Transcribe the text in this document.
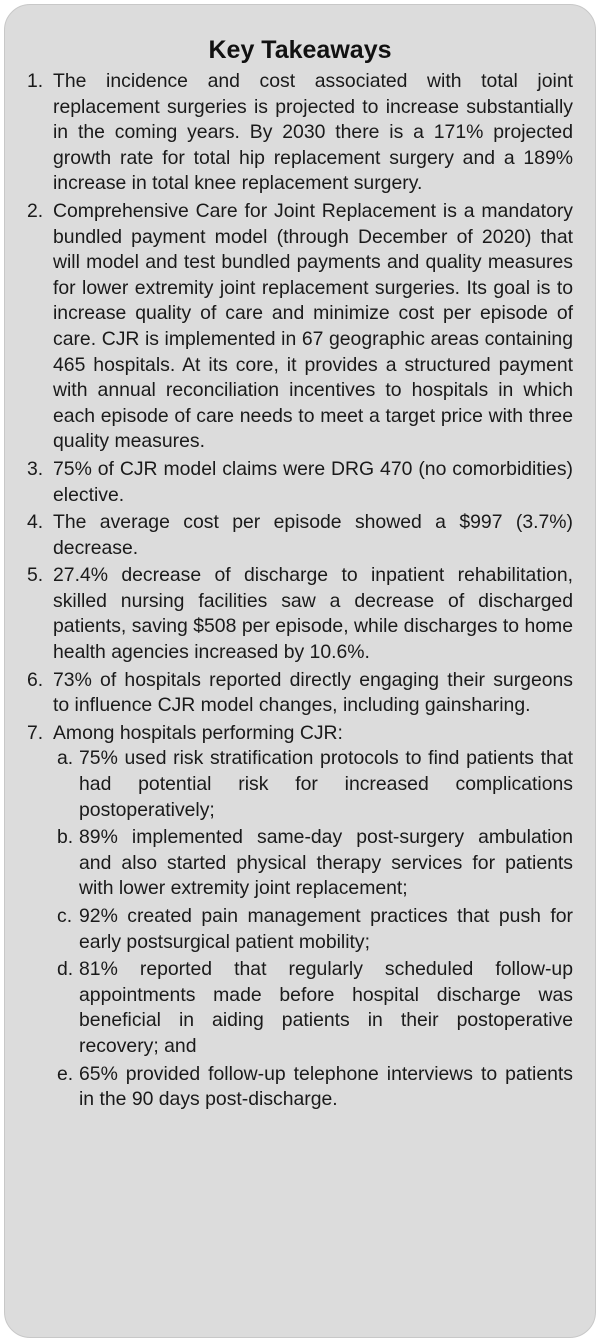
Key Takeaways
1. The incidence and cost associated with total joint replacement surgeries is projected to increase substantially in the coming years. By 2030 there is a 171% projected growth rate for total hip replacement surgery and a 189% increase in total knee replacement surgery.
2. Comprehensive Care for Joint Replacement is a mandatory bundled payment model (through December of 2020) that will model and test bundled payments and quality measures for lower extremity joint replacement surgeries. Its goal is to increase quality of care and minimize cost per episode of care. CJR is implemented in 67 geographic areas containing 465 hospitals. At its core, it provides a structured payment with annual reconciliation incentives to hospitals in which each episode of care needs to meet a target price with three quality measures.
3. 75% of CJR model claims were DRG 470 (no comorbidities) elective.
4. The average cost per episode showed a $997 (3.7%) decrease.
5. 27.4% decrease of discharge to inpatient rehabilitation, skilled nursing facilities saw a decrease of discharged patients, saving $508 per episode, while discharges to home health agencies increased by 10.6%.
6. 73% of hospitals reported directly engaging their surgeons to influence CJR model changes, including gainsharing.
7. Among hospitals performing CJR:
a. 75% used risk stratification protocols to find patients that had potential risk for increased complications postoperatively;
b. 89% implemented same-day post-surgery ambulation and also started physical therapy services for patients with lower extremity joint replacement;
c. 92% created pain management practices that push for early postsurgical patient mobility;
d. 81% reported that regularly scheduled follow-up appointments made before hospital discharge was beneficial in aiding patients in their postoperative recovery; and
e. 65% provided follow-up telephone interviews to patients in the 90 days post-discharge.
